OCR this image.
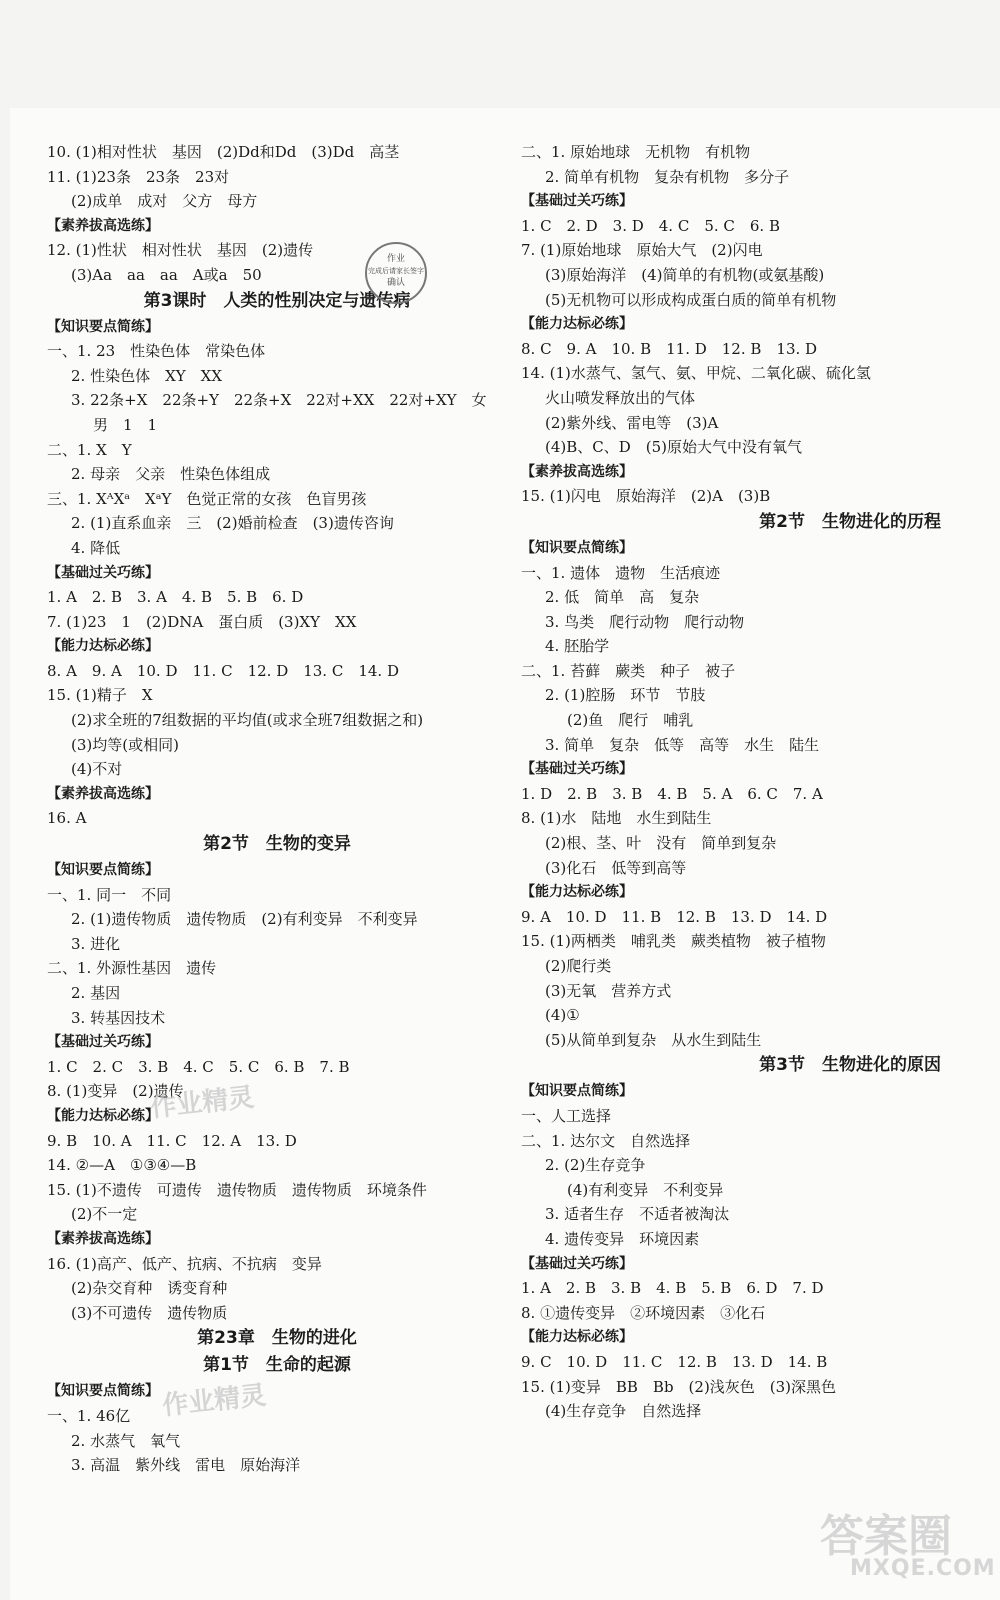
10. (1)相对性状　基因　(2)Dd和Dd　(3)Dd　高茎
11. (1)23条　23条　23对
(2)成单　成对　父方　母方
【素养拔高选练】
12. (1)性状　相对性状　基因　(2)遗传
(3)Aa　aa　aa　A或a　50
第3课时　人类的性别决定与遗传病
【知识要点简练】
一、1. 23　性染色体　常染色体
2. 性染色体　XY　XX
3. 22条+X　22条+Y　22条+X　22对+XX　22对+XY　女
男　1　1
二、1. X　Y
2. 母亲　父亲　性染色体组成
三、1. XᴬXᵃ　XᵃY　色觉正常的女孩　色盲男孩
2. (1)直系血亲　三　(2)婚前检查　(3)遗传咨询
4. 降低
【基础过关巧练】
1. A　2. B　3. A　4. B　5. B　6. D
7. (1)23　1　(2)DNA　蛋白质　(3)XY　XX
【能力达标必练】
8. A　9. A　10. D　11. C　12. D　13. C　14. D
15. (1)精子　X
(2)求全班的7组数据的平均值(或求全班7组数据之和)
(3)均等(或相同)
(4)不对
【素养拔高选练】
16. A
第2节　生物的变异
【知识要点简练】
一、1. 同一　不同
2. (1)遗传物质　遗传物质　(2)有利变异　不利变异
3. 进化
二、1. 外源性基因　遗传
2. 基因
3. 转基因技术
【基础过关巧练】
1. C　2. C　3. B　4. C　5. C　6. B　7. B
8. (1)变异　(2)遗传
【能力达标必练】
9. B　10. A　11. C　12. A　13. D
14. ②—A　①③④—B
15. (1)不遗传　可遗传　遗传物质　遗传物质　环境条件
(2)不一定
【素养拔高选练】
16. (1)高产、低产、抗病、不抗病　变异
(2)杂交育种　诱变育种
(3)不可遗传　遗传物质
第23章　生物的进化
第1节　生命的起源
【知识要点简练】
一、1. 46亿
2. 水蒸气　氧气
3. 高温　紫外线　雷电　原始海洋
二、1. 原始地球　无机物　有机物
2. 简单有机物　复杂有机物　多分子
【基础过关巧练】
1. C　2. D　3. D　4. C　5. C　6. B
7. (1)原始地球　原始大气　(2)闪电
(3)原始海洋　(4)简单的有机物(或氨基酸)
(5)无机物可以形成构成蛋白质的简单有机物
【能力达标必练】
8. C　9. A　10. B　11. D　12. B　13. D
14. (1)水蒸气、氢气、氨、甲烷、二氧化碳、硫化氢
火山喷发释放出的气体
(2)紫外线、雷电等　(3)A
(4)B、C、D　(5)原始大气中没有氧气
【素养拔高选练】
15. (1)闪电　原始海洋　(2)A　(3)B
第2节　生物进化的历程
【知识要点简练】
一、1. 遗体　遗物　生活痕迹
2. 低　简单　高　复杂
3. 鸟类　爬行动物　爬行动物
4. 胚胎学
二、1. 苔藓　蕨类　种子　被子
2. (1)腔肠　环节　节肢
(2)鱼　爬行　哺乳
3. 简单　复杂　低等　高等　水生　陆生
【基础过关巧练】
1. D　2. B　3. B　4. B　5. A　6. C　7. A
8. (1)水　陆地　水生到陆生
(2)根、茎、叶　没有　简单到复杂
(3)化石　低等到高等
【能力达标必练】
9. A　10. D　11. B　12. B　13. D　14. D
15. (1)两栖类　哺乳类　蕨类植物　被子植物
(2)爬行类
(3)无氧　营养方式
(4)①
(5)从简单到复杂　从水生到陆生
第3节　生物进化的原因
【知识要点简练】
一、人工选择
二、1. 达尔文　自然选择
2. (2)生存竞争
(4)有利变异　不利变异
3. 适者生存　不适者被淘汰
4. 遗传变异　环境因素
【基础过关巧练】
1. A　2. B　3. B　4. B　5. B　6. D　7. D
8. ①遗传变异　②环境因素　③化石
【能力达标必练】
9. C　10. D　11. C　12. B　13. D　14. B
15. (1)变异　BB　Bb　(2)浅灰色　(3)深黑色
(4)生存竞争　自然选择
作业
完成后请家长签字
确认
作业精灵
作业精灵
答案圈
MXQE.COM
